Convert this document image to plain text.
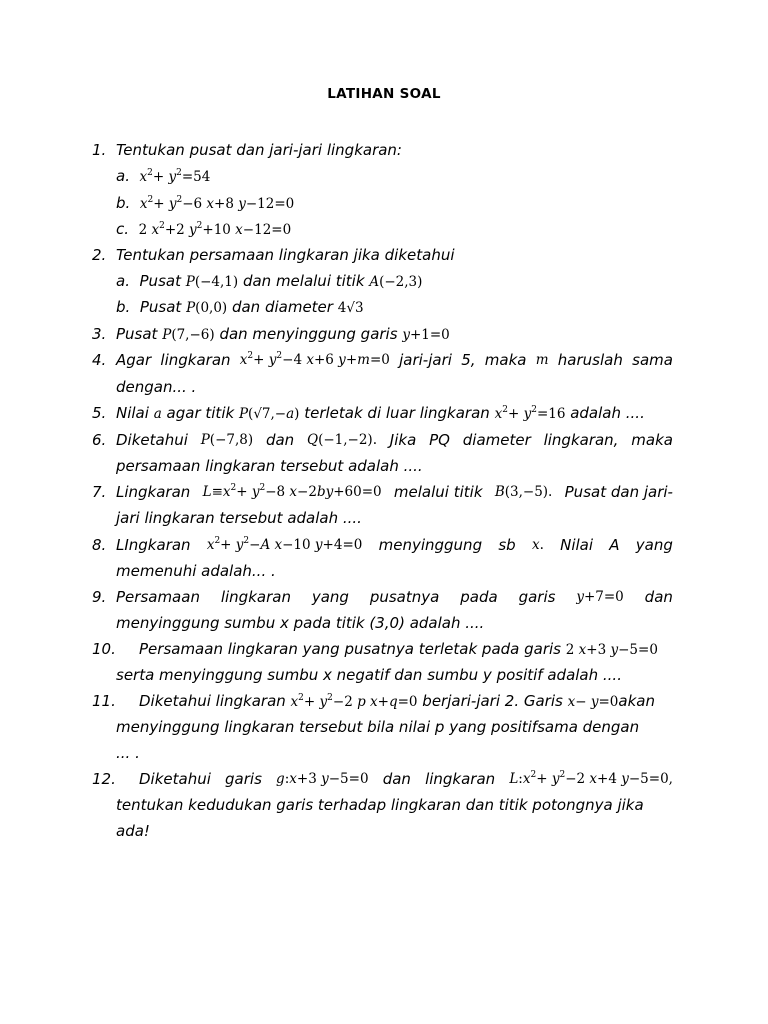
LATIHAN SOAL
1. Tentukan pusat dan jari-jari lingkaran:
a. $x^2+ y^2=54$
b. $x^2+ y^2-6$ x+8 y−12=0
c. 2 $x^2+2$ $y^2+10$ x−12=0
2. Tentukan persamaan lingkaran jika diketahui
a. Pusat P(−4,1) dan melalui titik A(−2,3)
b. Pusat P(0,0) dan diameter 4√3
3. Pusat P(7,−6) dan menyinggung garis y+1=0
4. Agar lingkaran $x^2+ y^2-4$ x+6 y+m=0 jari-jari 5, maka m haruslah sama
dengan... .
5. Nilai a agar titik P(√7,−a) terletak di luar lingkaran $x^2+ y^2=16$ adalah ....
6. Diketahui P(−7,8) dan Q(−1,−2). Jika PQ diameter lingkaran, maka
persamaan lingkaran tersebut adalah ....
7. Lingkaran $L\equiv x^2+ y^2-8$ x−2by+60=0 melalui titik B(3,−5). Pusat dan jari-
jari lingkaran tersebut adalah ....
8. LIngkaran $x^2+ y^2-A$ x−10 y+4=0 menyinggung sb x. Nilai A yang
memenuhi adalah... .
9. Persamaan lingkaran yang pusatnya pada garis y+7=0 dan
menyinggung sumbu x pada titik (3,0) adalah ....
10. Persamaan lingkaran yang pusatnya terletak pada garis 2 x+3 y−5=0
serta menyinggung sumbu x negatif dan sumbu y positif adalah ....
11. Diketahui lingkaran $x^2+ y^2-2$ p x+q=0 berjari-jari 2. Garis x− y=0akan
menyinggung lingkaran tersebut bila nilai p yang positifsama dengan
... .
12. Diketahui garis g:x+3 y−5=0 dan lingkaran $L:x^2+ y^2-2$ x+4 y−5=0,
tentukan kedudukan garis terhadap lingkaran dan titik potongnya jika
ada!
